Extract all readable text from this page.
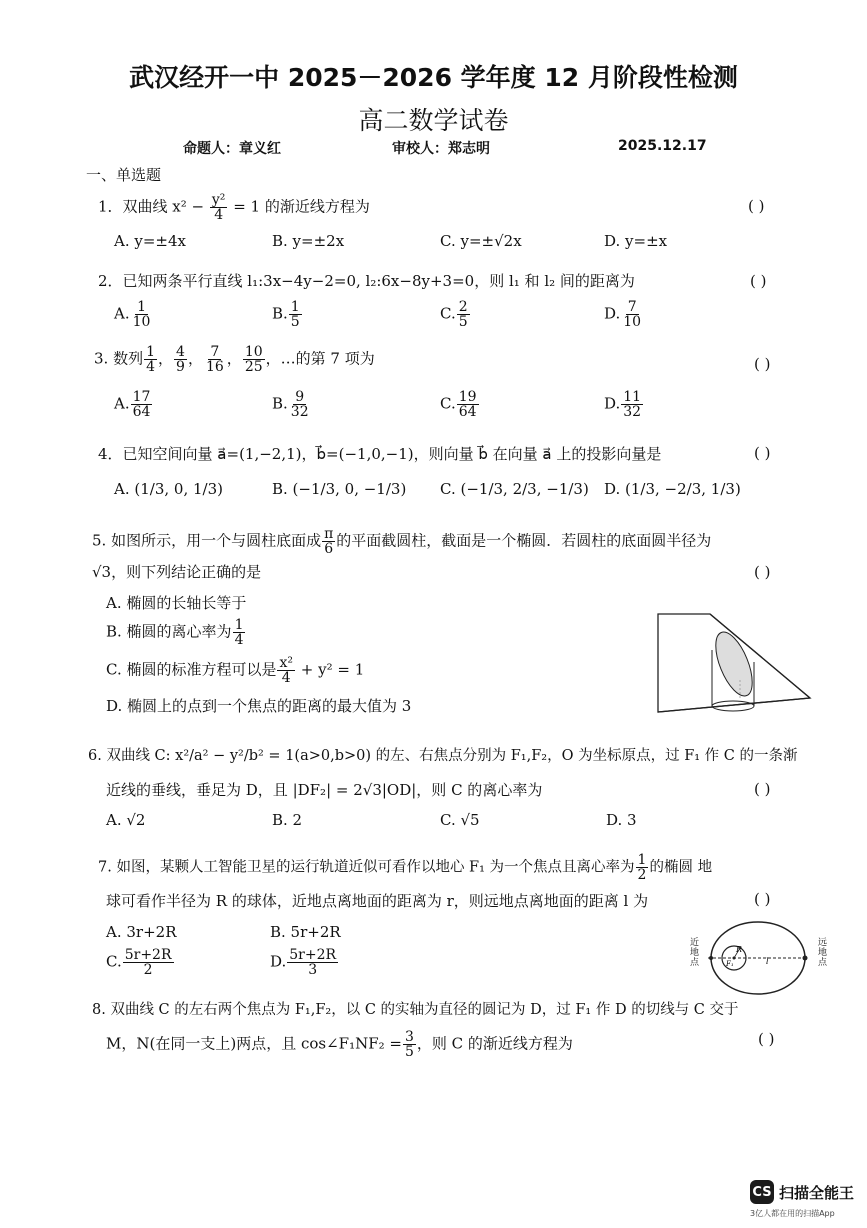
武汉经开一中 2025－2026 学年度 12 月阶段性检测
高二数学试卷
命题人：章义红	审校人：郑志明	2025.12.17
一、单选题
1．双曲线 $x^2 - \frac{\text{y²}}{4} = 1$ 的渐近线方程为	( )
A. y=±4x	B. y=±2x	C. y=±√2x	D. y=±x
2．已知两条平行直线 l₁:3x−4y−2=0, l₂:6x−8y+3=0，则 l₁ 和 l₂ 间的距离为	( )
A. $\frac{1}{10}$	B. $\frac{1}{5}$	C. $\frac{2}{5}$	D. $\frac{7}{10}$
3. 数列 $\frac{1}{4}$ ， $\frac{4}{9}$ ， $\frac{7}{16}$ ， $\frac{10}{25}$ ，…的第 7 项为	( )
A. $\frac{17}{64}$	B. $\frac{9}{32}$	C. $\frac{19}{64}$	D. $\frac{11}{32}$
4．已知空间向量 a⃗=(1,−2,1)，b⃗=(−1,0,−1)，则向量 b⃗ 在向量 a⃗ 上的投影向量是	( )
A. (1/3, 0, 1/3)	B. (−1/3, 0, −1/3) C. (−1/3, 2/3, −1/3) D. (1/3, −2/3, 1/3)
5. 如图所示，用一个与圆柱底面成 $\frac{\pi}{6}$ 的平面截圆柱，截面是一个椭圆．若圆柱的底面圆半径为
√3，则下列结论正确的是	( )
A. 椭圆的长轴长等于
B. 椭圆的离心率为 $\frac{1}{4}$
C. 椭圆的标准方程可以是 $\frac{\text{x²}}{4} + y^2 = 1$
D. 椭圆上的点到一个焦点的距离的最大值为 3
6. 双曲线 C: x²/a² − y²/b² = 1(a>0,b>0) 的左、右焦点分别为 F₁,F₂，O 为坐标原点，过 F₁ 作 C 的一条渐
近线的垂线，垂足为 D，且 |DF₂| = 2√3|OD|，则 C 的离心率为	( )
A. √2	B. 2	C. √5	D. 3
7. 如图，某颗人工智能卫星的运行轨道近似可看作以地心 F₁ 为一个焦点且离心率为 $\frac{1}{2}$ 的椭圆 地
球可看作半径为 R 的球体，近地点离地面的距离为 r，则远地点离地面的距离 l 为	( )
A. 3r+2R	B. 5r+2R
C. $\frac{5r+2R}{2}$	D. $\frac{5r+2R}{3}$	R
F₁	l
近地点
远地点
8. 双曲线 C 的左右两个焦点为 F₁,F₂，以 C 的实轴为直径的圆记为 D，过 F₁ 作 D 的切线与 C 交于
M，N(在同一支上)两点，且 cos∠F₁NF₂ = $\frac{3}{5}$ ，则 C 的渐近线方程为	( )
CS 扫描全能王
3亿人都在用的扫描App
